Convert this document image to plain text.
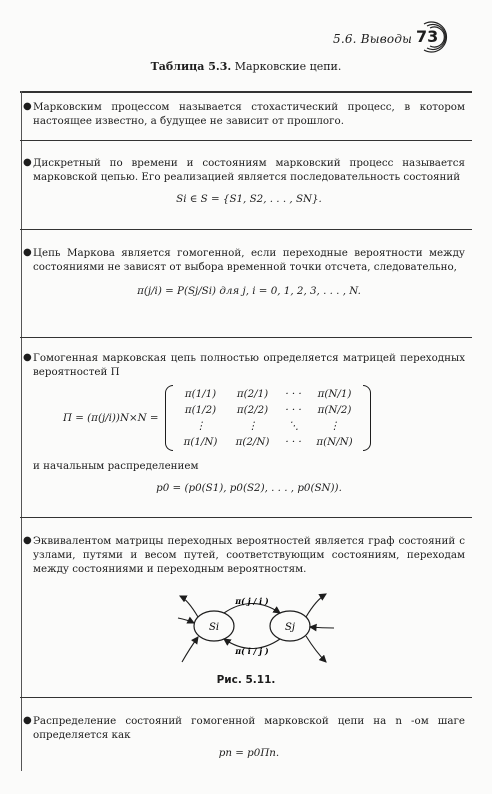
5.6. Выводы 73
Таблица 5.3. Марковские цепи.
● Марковским процессом называется стохастический процесс, в котором настоящее известно, а будущее не зависит от прошлого.
● Дискретный по времени и состояниям марковский процесс называется марковской цепью. Его реализацией является последовательность состояний
Si ∈ S = {S1, S2, . . . , SN}.
● Цепь Маркова является гомогенной, если переходные вероятности между состояниями не зависят от выбора временной точки отсчета, следовательно,
π(j/i) = P(Sj/Si) для j, i = 0, 1, 2, 3, . . . , N.
● Гомогенная марковская цепь полностью определяется матрицей переходных вероятностей Π
Π = (π(j/i))N×N =
π(1/1)	π(2/1)	· · ·	π(N/1)
π(1/2)	π(2/2)	· · ·	π(N/2)
⋮	⋮	⋱	⋮
π(1/N)	π(2/N)	· · ·	π(N/N)
и начальным распределением
p0 = (p0(S1), p0(S2), . . . , p0(SN)).
● Эквивалентом матрицы переходных вероятностей является граф состояний с узлами, путями и весом путей, соответствующим состояниям, переходам между состояниями и переходным вероятностям.
Si	Sj
π( j / i )
π( i / j )
Рис. 5.11.
● Распределение состояний гомогенной марковской цепи на n -ом шаге определяется как
pn = p0Πn.
